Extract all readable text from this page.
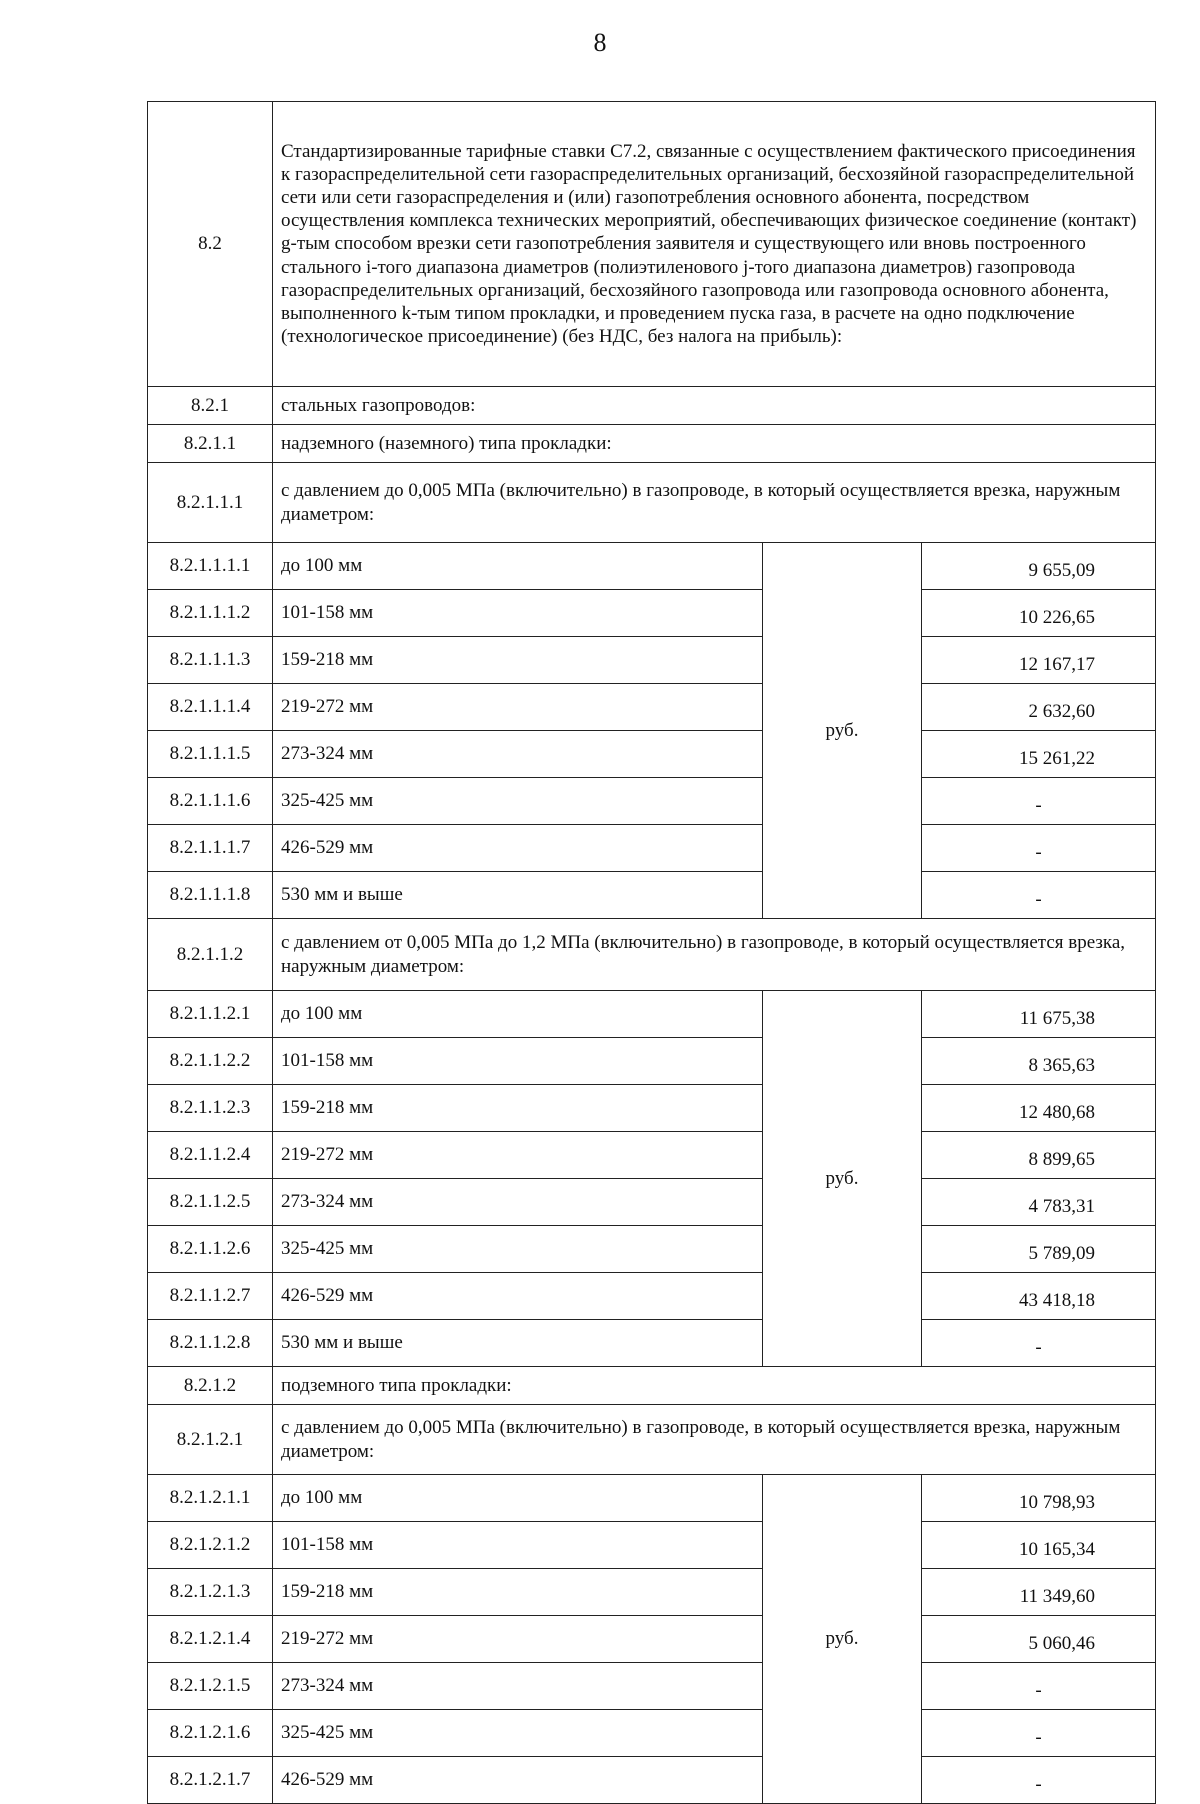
8
8.2	Стандартизированные тарифные ставки С7.2, связанные с осуществлением фактического присоединения к газораспределительной сети газораспределительных организаций, бесхозяйной газораспределительной сети или сети газораспределения и (или) газопотребления основного абонента, посредством осуществления комплекса технических мероприятий, обеспечивающих физическое соединение (контакт) g-тым способом врезки сети газопотребления заявителя и существующего или вновь построенного стального i-того диапазона диаметров (полиэтиленового j-того диапазона диаметров) газопровода газораспределительных организаций, бесхозяйного газопровода или газопровода основного абонента, выполненного k-тым типом прокладки, и проведением пуска газа, в расчете на одно подключение (технологическое присоединение) (без НДС, без налога на прибыль):		
8.2.1	стальных газопроводов:		
8.2.1.1	надземного (наземного) типа прокладки:		
8.2.1.1.1	с давлением до 0,005 МПа (включительно) в газопроводе, в который осуществляется врезка, наружным диаметром:		
8.2.1.1.1.1	до 100 мм	руб.	9 655,09
8.2.1.1.1.2	101-158 мм		10 226,65
8.2.1.1.1.3	159-218 мм		12 167,17
8.2.1.1.1.4	219-272 мм		2 632,60
8.2.1.1.1.5	273-324 мм		15 261,22
8.2.1.1.1.6	325-425 мм		-
8.2.1.1.1.7	426-529 мм		-
8.2.1.1.1.8	530 мм и выше		-
8.2.1.1.2	с давлением от 0,005 МПа до 1,2 МПа (включительно) в газопроводе, в который осуществляется врезка, наружным диаметром:		
8.2.1.1.2.1	до 100 мм	руб.	11 675,38
8.2.1.1.2.2	101-158 мм		8 365,63
8.2.1.1.2.3	159-218 мм		12 480,68
8.2.1.1.2.4	219-272 мм		8 899,65
8.2.1.1.2.5	273-324 мм		4 783,31
8.2.1.1.2.6	325-425 мм		5 789,09
8.2.1.1.2.7	426-529 мм		43 418,18
8.2.1.1.2.8	530 мм и выше		-
8.2.1.2	подземного типа прокладки:		
8.2.1.2.1	с давлением до 0,005 МПа (включительно) в газопроводе, в который осуществляется врезка, наружным диаметром:		
8.2.1.2.1.1	до 100 мм	руб.	10 798,93
8.2.1.2.1.2	101-158 мм		10 165,34
8.2.1.2.1.3	159-218 мм		11 349,60
8.2.1.2.1.4	219-272 мм		5 060,46
8.2.1.2.1.5	273-324 мм		-
8.2.1.2.1.6	325-425 мм		-
8.2.1.2.1.7	426-529 мм		-
